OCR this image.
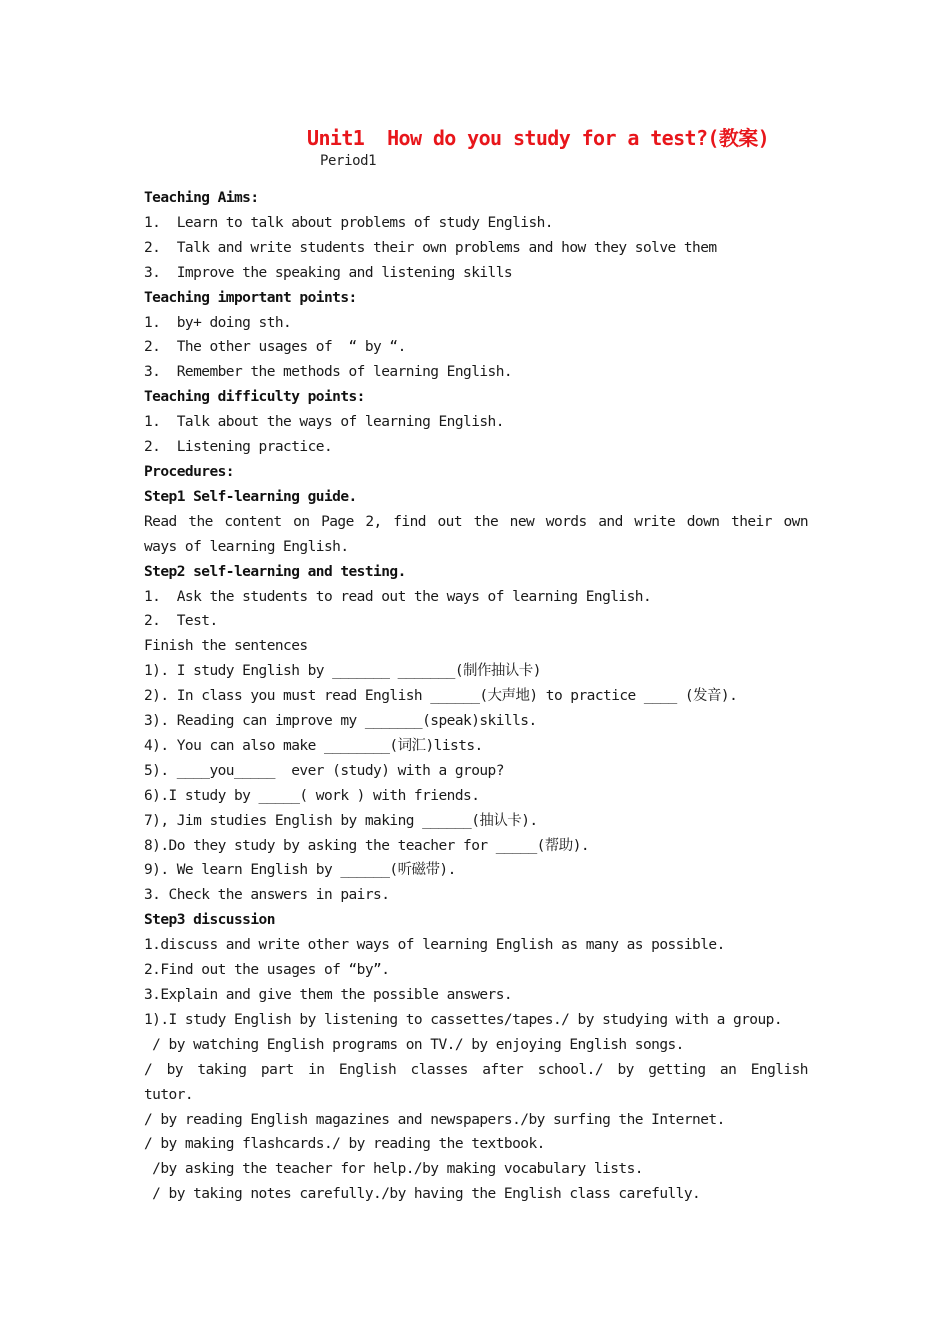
Unit1  How do you study for a test?(教案)
Period1
Teaching Aims:
1.  Learn to talk about problems of study English.
2.  Talk and write students their own problems and how they solve them
3.  Improve the speaking and listening skills
Teaching important points:
1.  by+ doing sth.
2.  The other usages of  “ by “.
3.  Remember the methods of learning English.
Teaching difficulty points:
1.  Talk about the ways of learning English.
2.  Listening practice.
Procedures:
Step1 Self-learning guide.
Read the content on Page 2, find out the new words and write down their own
ways of learning English.
Step2 self-learning and testing.
1.  Ask the students to read out the ways of learning English.
2.  Test.
Finish the sentences
1). I study English by _______ _______(制作抽认卡)
2). In class you must read English ______(大声地) to practice ____ (发音).
3). Reading can improve my _______(speak)skills.
4). You can also make ________(词汇)lists.
5). ____you_____  ever (study) with a group?
6).I study by _____( work ) with friends.
7), Jim studies English by making ______(抽认卡).
8).Do they study by asking the teacher for _____(帮助).
9). We learn English by ______(听磁带).
3. Check the answers in pairs.
Step3 discussion
1.discuss and write other ways of learning English as many as possible.
2.Find out the usages of “by”.
3.Explain and give them the possible answers.
1).I study English by listening to cassettes/tapes./ by studying with a group.
/ by watching English programs on TV./ by enjoying English songs.
/ by taking part in English classes after school./ by getting an English
tutor.
/ by reading English magazines and newspapers./by surfing the Internet.
/ by making flashcards./ by reading the textbook.
/by asking the teacher for help./by making vocabulary lists.
/ by taking notes carefully./by having the English class carefully.
